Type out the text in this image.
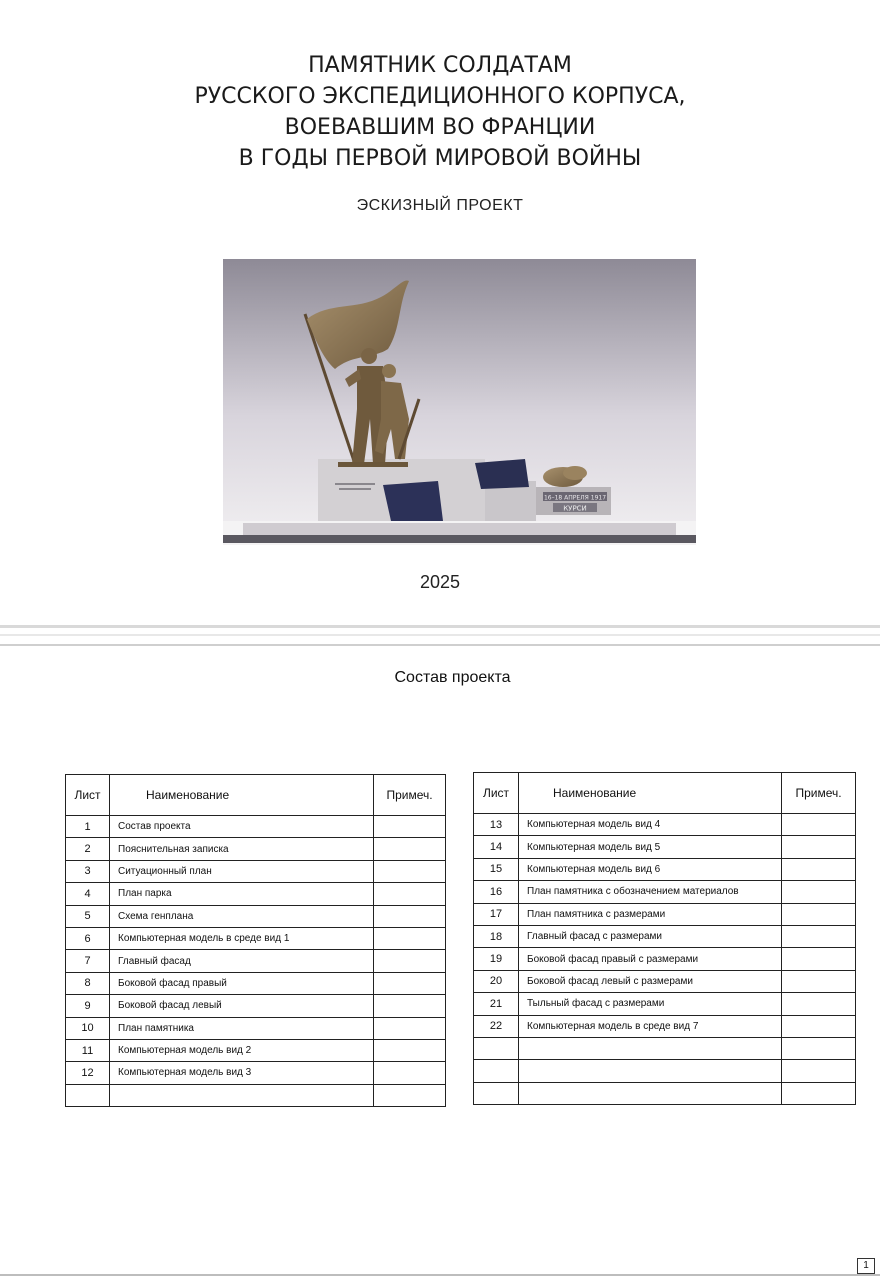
ПАМЯТНИК СОЛДАТАМ
РУССКОГО ЭКСПЕДИЦИОННОГО КОРПУСА,
ВОЕВАВШИМ ВО ФРАНЦИИ
В ГОДЫ ПЕРВОЙ МИРОВОЙ ВОЙНЫ
ЭСКИЗНЫЙ ПРОЕКТ
16–18 АПРЕЛЯ 1917
КУРСИ
2025
Состав проекта
Лист	Наименование	Примеч.
1	Состав проекта	
2	Пояснительная записка	
3	Ситуационный план	
4	План парка	
5	Схема генплана	
6	Компьютерная модель в среде вид 1	
7	Главный фасад	
8	Боковой фасад правый	
9	Боковой фасад левый	
10	План памятника	
11	Компьютерная модель вид 2	
12	Компьютерная модель вид 3	

Лист	Наименование	Примеч.
13	Компьютерная модель вид 4	
14	Компьютерная модель вид 5	
15	Компьютерная модель вид 6	
16	План памятника с обозначением материалов	
17	План памятника с размерами	
18	Главный фасад с размерами	
19	Боковой фасад правый с размерами	
20	Боковой фасад левый с размерами	
21	Тыльный фасад с размерами	
22	Компьютерная модель в среде вид 7	

1
